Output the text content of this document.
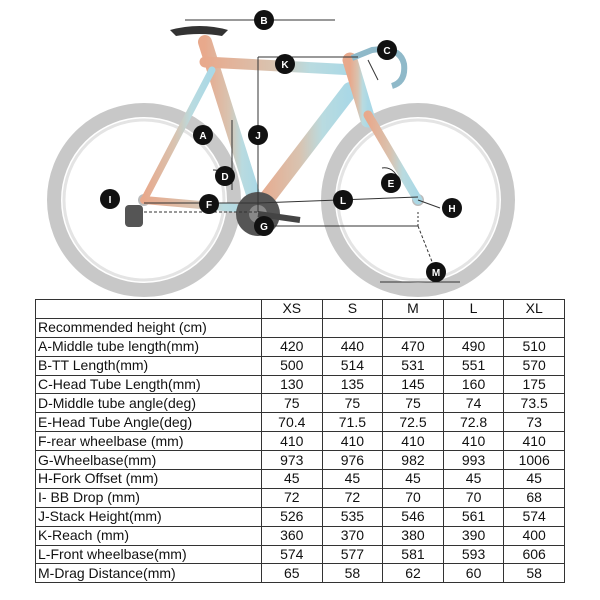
A
B
C
D
E
F
G
H
I
J
K
L
M
	XS	S	M	L	XL
Recommended height (cm)					
A-Middle tube length(mm)	420	440	470	490	510
B-TT Length(mm)	500	514	531	551	570
C-Head Tube Length(mm)	130	135	145	160	175
D-Middle tube angle(deg)	75	75	75	74	73.5
E-Head Tube Angle(deg)	70.4	71.5	72.5	72.8	73
F-rear wheelbase (mm)	410	410	410	410	410
G-Wheelbase(mm)	973	976	982	993	1006
H-Fork Offset (mm)	45	45	45	45	45
I- BB Drop (mm)	72	72	70	70	68
J-Stack Height(mm)	526	535	546	561	574
K-Reach (mm)	360	370	380	390	400
L-Front wheelbase(mm)	574	577	581	593	606
M-Drag Distance(mm)	65	58	62	60	58
